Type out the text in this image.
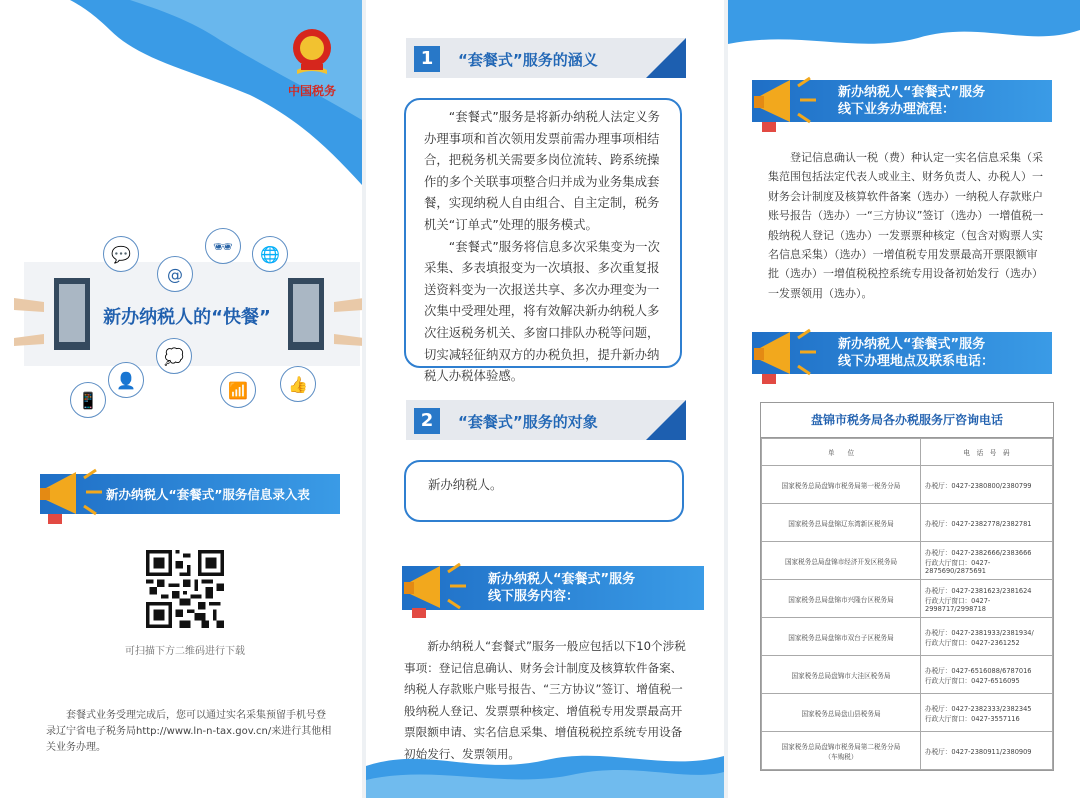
中国税务
新办纳税人的“快餐”
💬
@
🕶	🌐
📱
👤
💭
📶	👍
新办纳税人“套餐式”服务信息录入表
可扫描下方二维码进行下载
套餐式业务受理完成后，您可以通过实名采集预留手机号登录辽宁省电子税务局http://www.ln-n-tax.gov.cn/来进行其他相关业务办理。
1	“套餐式”服务的涵义

“套餐式”服务是将新办纳税人法定义务办理事项和首次领用发票前需办理事项相结合，把税务机关需要多岗位流转、跨系统操作的多个关联事项整合归并成为业务集成套餐，实现纳税人自由组合、自主定制，税务机关“订单式”处理的服务模式。

“套餐式”服务将信息多次采集变为一次采集、多表填报变为一次填报、多次重复报送资料变为一次报送共享、多次办理变为一次集中受理处理，将有效解决新办纳税人多次往返税务机关、多窗口排队办税等问题，切实减轻征纳双方的办税负担，提升新办纳税人办税体验感。

2	“套餐式”服务的对象
新办纳税人。
新办纳税人“套餐式”服务
线下服务内容：
新办纳税人“套餐式”服务一般应包括以下10个涉税事项：登记信息确认、财务会计制度及核算软件备案、纳税人存款账户账号报告、“三方协议”签订、增值税一般纳税人登记、发票票种核定、增值税专用发票最高开票限额申请、实名信息采集、增值税税控系统专用设备初始发行、发票领用。
新办纳税人“套餐式”服务
线下业务办理流程：
登记信息确认一税（费）种认定一实名信息采集（采集范围包括法定代表人或业主、财务负责人、办税人）一财务会计制度及核算软件备案（选办）一纳税人存款账户账号报告（选办）一“三方协议”签订（选办）一增值税一般纳税人登记（选办）一发票票种核定（包含对购票人实名信息采集）（选办）一增值税专用发票最高开票限额审批（选办）一增值税税控系统专用设备初始发行（选办）一发票领用（选办）。
新办纳税人“套餐式”服务
线下办理地点及联系电话：
盘锦市税务局各办税服务厅咨询电话
单　　位	电　话　号　码
国家税务总局盘锦市税务局第一税务分局	办税厅：0427-2380800/2380799
国家税务总局盘锦辽东湾新区税务局	办税厅：0427-2382778/2382781
国家税务总局盘锦市经济开发区税务局	办税厅：0427-2382666/2383666
行政大厅窗口：0427-2875690/2875691
国家税务总局盘锦市兴隆台区税务局	办税厅：0427-2381623/2381624
行政大厅窗口：0427-2998717/2998718
国家税务总局盘锦市双台子区税务局	办税厅：0427-2381933/2381934/
行政大厅窗口：0427-2361252
国家税务总局盘锦市大洼区税务局	办税厅：0427-6516088/6787016
行政大厅窗口：0427-6516095
国家税务总局盘山县税务局	办税厅：0427-2382333/2382345
行政大厅窗口：0427-3557116
国家税务总局盘锦市税务局第二税务分局
（车购税）	办税厅：0427-2380911/2380909
